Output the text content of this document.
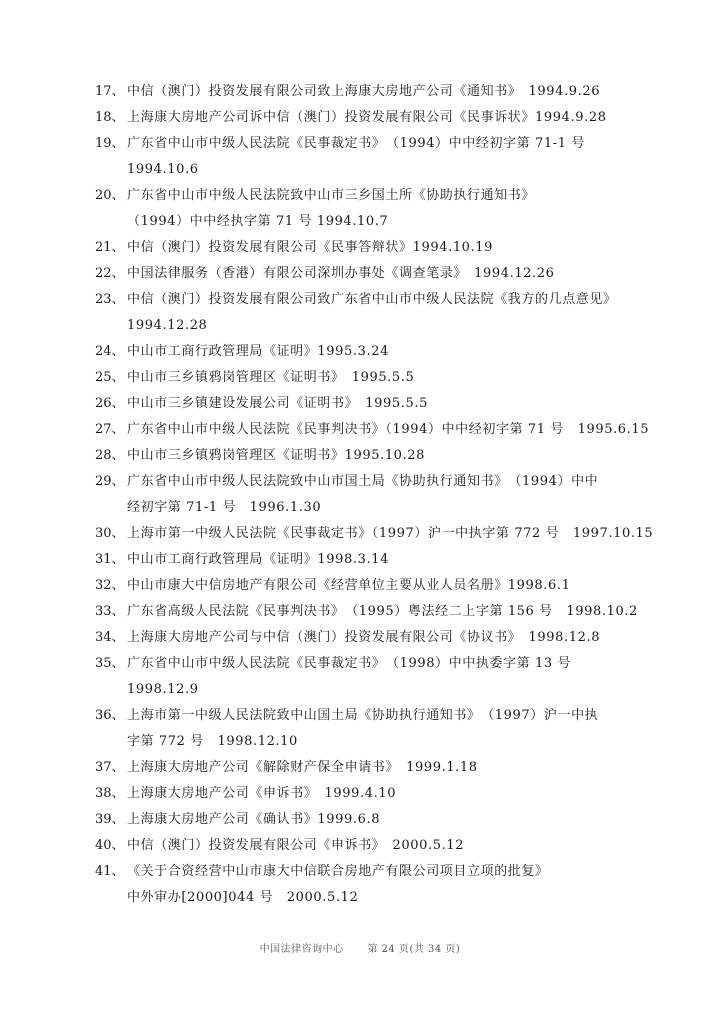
17、 中信（澳门）投资发展有限公司致上海康大房地产公司《通知书》　1994.9.26
18、 上海康大房地产公司诉中信（澳门）投资发展有限公司《民事诉状》1994.9.28
19、 广东省中山市中级人民法院《民事裁定书》　（1994）中中经初字第 71-1 号
1994.10.6
20、 广东省中山市中级人民法院致中山市三乡国土所《协助执行通知书》
（1994）中中经执字第 71 号 1994.10.7
21、 中信（澳门）投资发展有限公司《民事答辩状》1994.10.19
22、 中国法律服务（香港）有限公司深圳办事处《调查笔录》　1994.12.26
23、 中信（澳门）投资发展有限公司致广东省中山市中级人民法院《我方的几点意见》
1994.12.28
24、 中山市工商行政管理局《证明》1995.3.24
25、 中山市三乡镇鸦岗管理区《证明书》　1995.5.5
26、 中山市三乡镇建设发展公司《证明书》　1995.5.5
27、 广东省中山市中级人民法院《民事判决书》（1994）中中经初字第 71 号　1995.6.15
28、 中山市三乡镇鸦岗管理区《证明书》1995.10.28
29、 广东省中山市中级人民法院致中山市国土局《协助执行通知书》　（1994）中中
经初字第 71-1 号　1996.1.30
30、 上海市第一中级人民法院《民事裁定书》（1997）沪一中执字第 772 号　1997.10.15
31、 中山市工商行政管理局《证明》1998.3.14
32、 中山市康大中信房地产有限公司《经营单位主要从业人员名册》1998.6.1
33、 广东省高级人民法院《民事判决书》　（1995）粤法经二上字第 156 号　1998.10.2
34、 上海康大房地产公司与中信（澳门）投资发展有限公司《协议书》　1998.12.8
35、 广东省中山市中级人民法院《民事裁定书》　（1998）中中执委字第 13 号
1998.12.9
36、 上海市第一中级人民法院致中山国土局《协助执行通知书》　（1997）沪一中执
字第 772 号　1998.12.10
37、 上海康大房地产公司《解除财产保全申请书》　1999.1.18
38、 上海康大房地产公司《申诉书》　1999.4.10
39、 上海康大房地产公司《确认书》1999.6.8
40、 中信（澳门）投资发展有限公司《申诉书》　2000.5.12
41、 《关于合资经营中山市康大中信联合房地产有限公司项目立项的批复》
中外审办[2000]044 号　2000.5.12
中国法律咨询中心 第 24 页(共 34 页)
